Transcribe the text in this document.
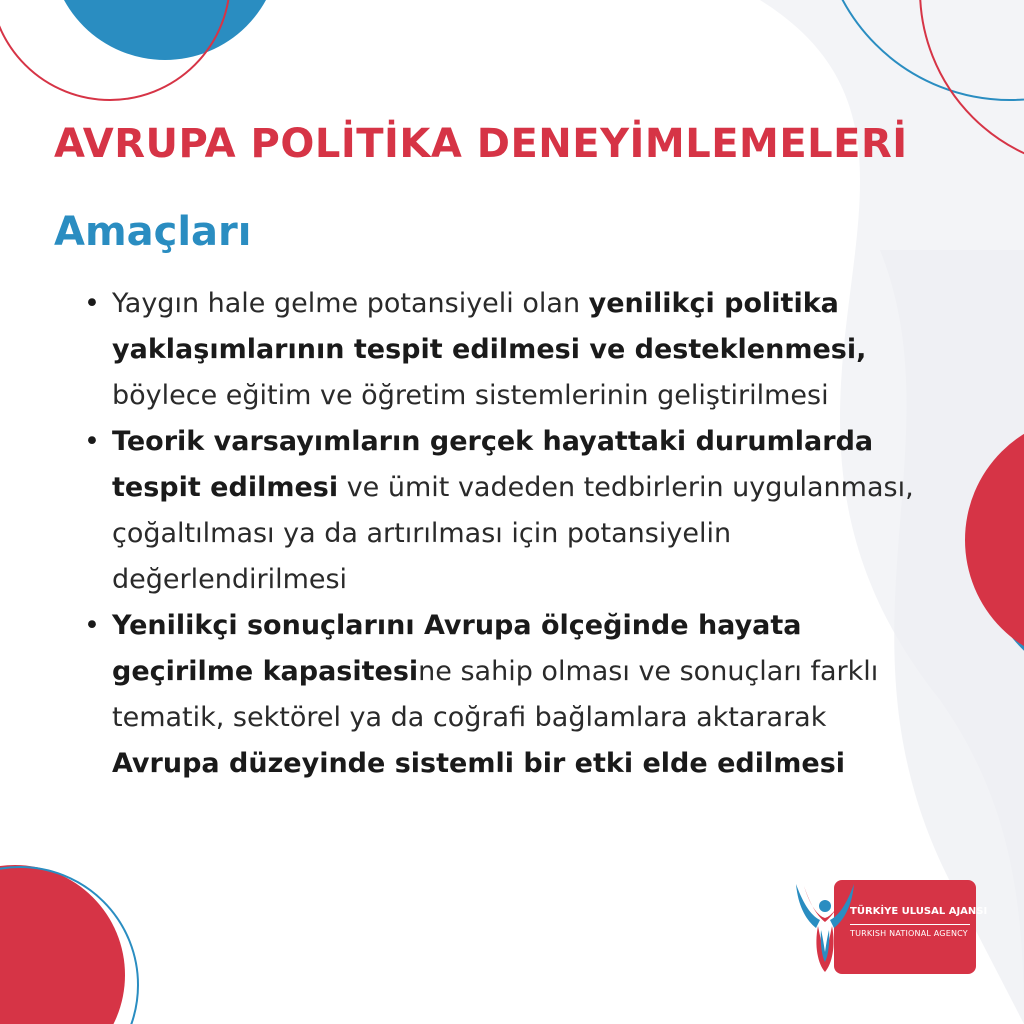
AVRUPA POLİTİKA DENEYİMLEMELERİ
Amaçları
• Yaygın hale gelme potansiyeli olan yenilikçi politika yaklaşımlarının tespit edilmesi ve desteklenmesi, böylece eğitim ve öğretim sistemlerinin geliştirilmesi
• Teorik varsayımların gerçek hayattaki durumlarda tespit edilmesi ve ümit vadeden tedbirlerin uygulanması, çoğaltılması ya da artırılması için potansiyelin değerlendirilmesi
• Yenilikçi sonuçlarını Avrupa ölçeğinde hayata geçirilme kapasitesine sahip olması ve sonuçları farklı tematik, sektörel ya da coğrafi bağlamlara aktararak Avrupa düzeyinde sistemli bir etki elde edilmesi
TÜRKİYE ULUSAL AJANSI
TURKISH NATIONAL AGENCY
